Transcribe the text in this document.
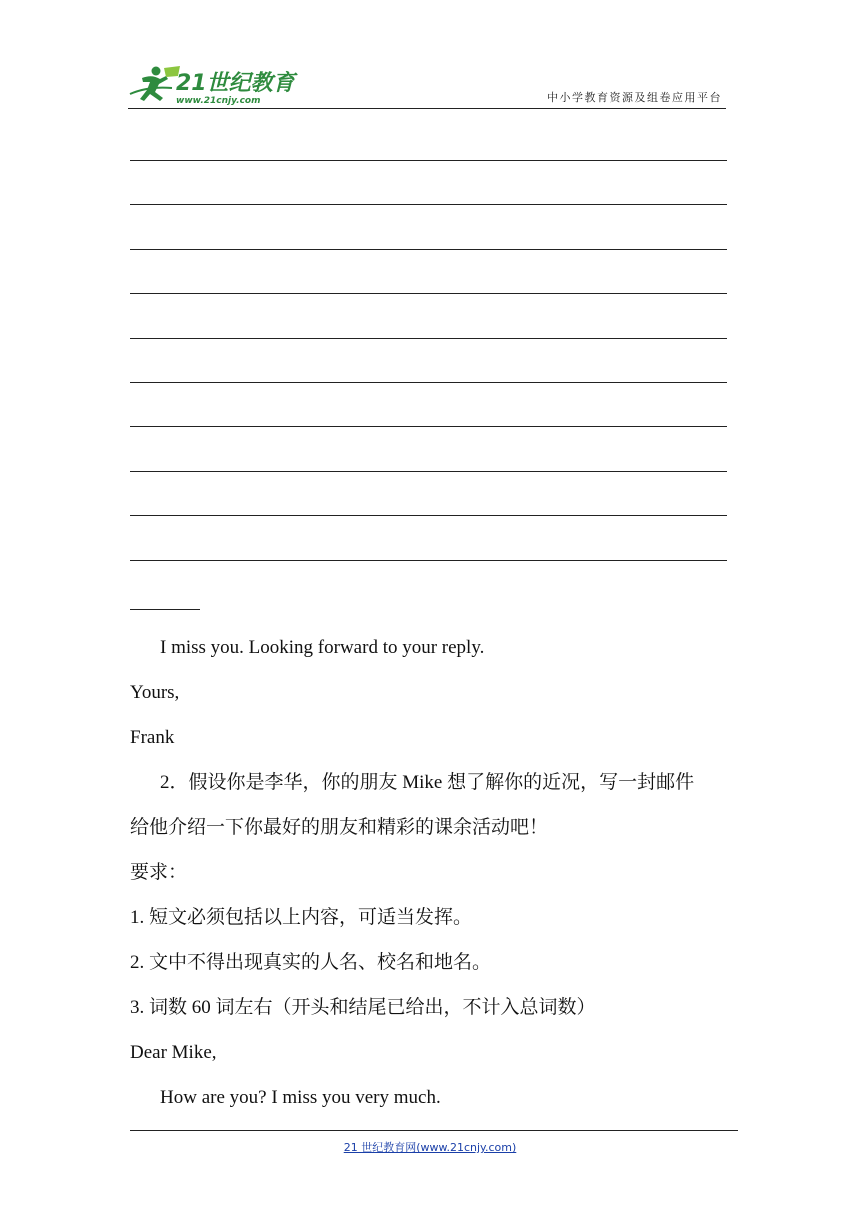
21世纪教育
www.21cnjy.com	中小学教育资源及组卷应用平台
I miss you. Looking forward to your reply.
Yours,
Frank
2．假设你是李华，你的朋友 Mike 想了解你的近况，写一封邮件
给他介绍一下你最好的朋友和精彩的课余活动吧！
要求：
1. 短文必须包括以上内容，可适当发挥。
2. 文中不得出现真实的人名、校名和地名。
3. 词数 60 词左右（开头和结尾已给出，不计入总词数）
Dear Mike,
How are you? I miss you very much.
21 世纪教育网(www.21cnjy.com)
